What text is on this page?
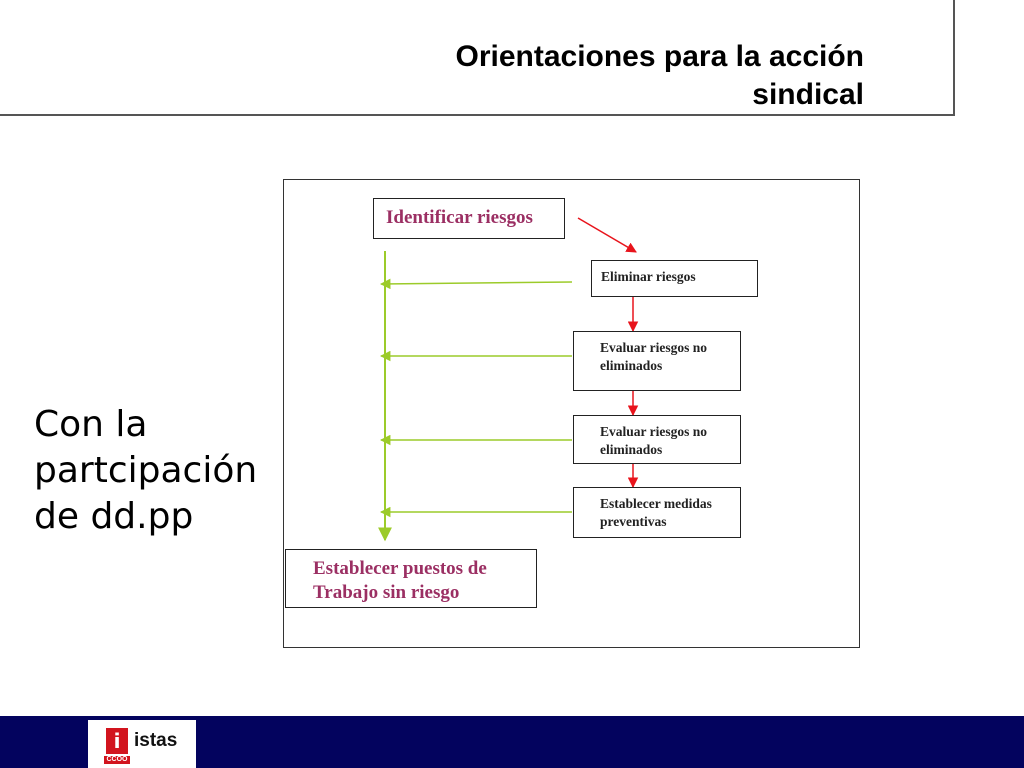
Orientaciones para la acción sindical
Con la partcipación de dd.pp
Identificar riesgos
Eliminar riesgos
Evaluar riesgos no eliminados
Evaluar riesgos no eliminados
Establecer medidas preventivas
Establecer puestos de Trabajo sin riesgo
i
CCOO
istas
